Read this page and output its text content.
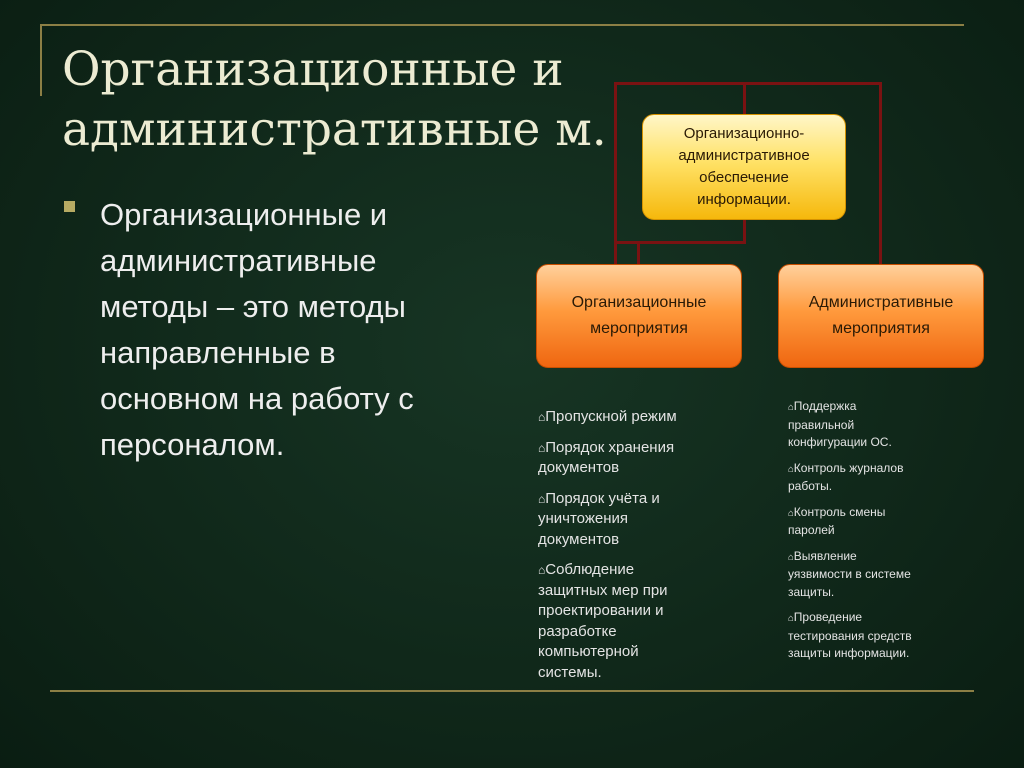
Организационные и
административные м.

Организационные и
административные
методы – это методы
направленные в
основном на работу с
персоналом.

Организационно-
административное
обеспечение
информации.
Организационные
мероприятия
Административные
мероприятия
⌂Пропускной режим
⌂Порядок хранения
документов
⌂Порядок учёта и
уничтожения
документов
⌂Соблюдение
защитных мер при
проектировании и
разработке
компьютерной
системы.
⌂Поддержка
правильной
конфигурации ОС.
⌂Контроль журналов
работы.
⌂Контроль смены
паролей
⌂Выявление
уязвимости в системе
защиты.
⌂Проведение
тестирования средств
защиты информации.
